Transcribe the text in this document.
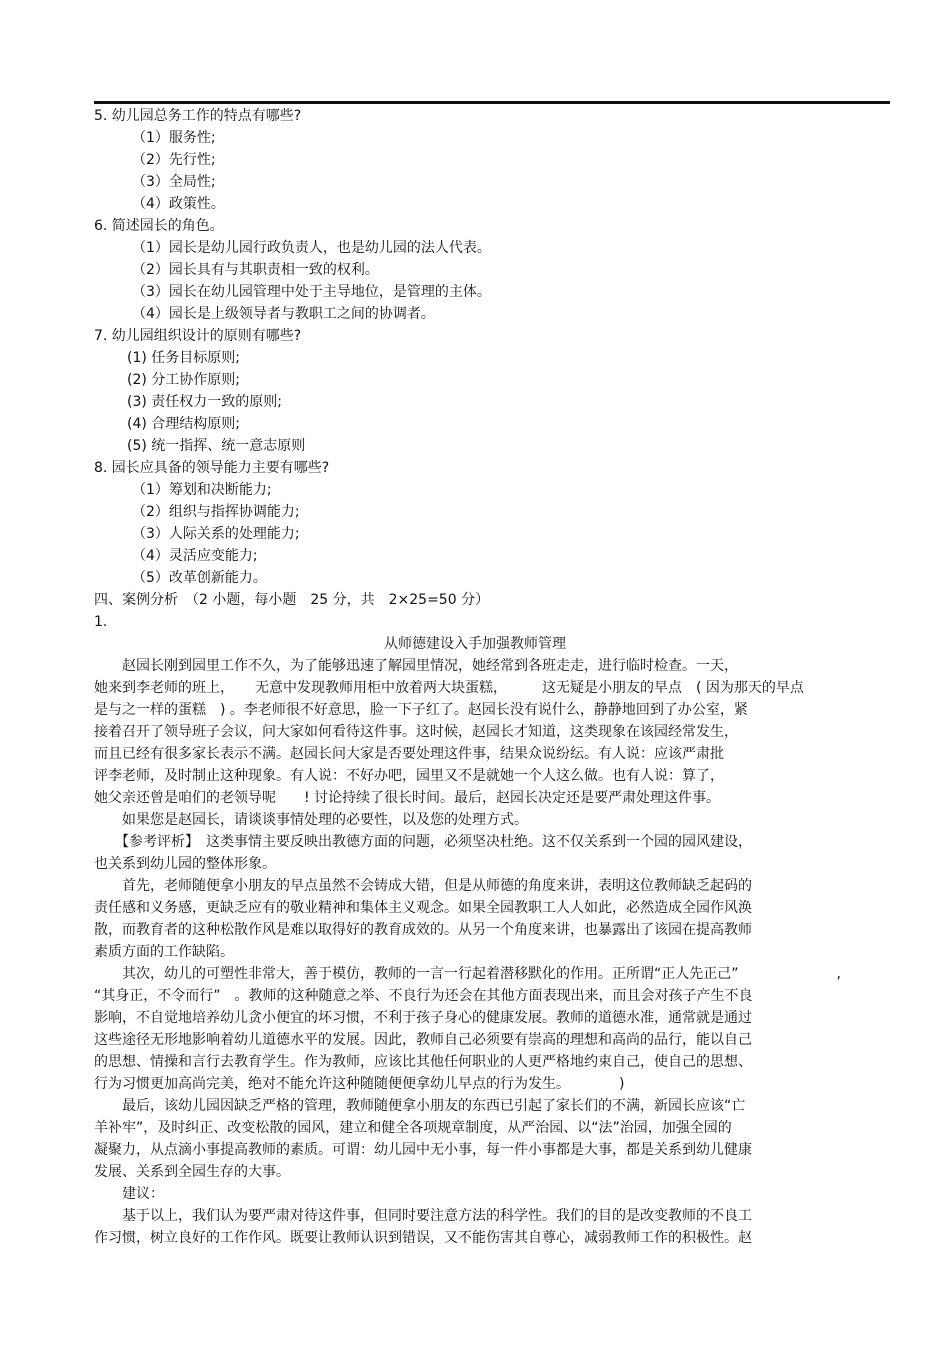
5. 幼儿园总务工作的特点有哪些?
（1）服务性;
（2）先行性;
（3）全局性;
（4）政策性。
6. 简述园长的角色。
（1）园长是幼儿园行政负责人，也是幼儿园的法人代表。
（2）园长具有与其职责相一致的权利。
（3）园长在幼儿园管理中处于主导地位，是管理的主体。
（4）园长是上级领导者与教职工之间的协调者。
7. 幼儿园组织设计的原则有哪些?
(1) 任务目标原则;
(2) 分工协作原则;
(3) 责任权力一致的原则;
(4) 合理结构原则;
(5) 统一指挥、统一意志原则
8. 园长应具备的领导能力主要有哪些?
（1）筹划和决断能力;
（2）组织与指挥协调能力;
（3）人际关系的处理能力;
（4）灵活应变能力;
（5）改革创新能力。
四、案例分析　（2 小题，每小题　25 分，共　2×25=50 分）
1.
从师德建设入手加强教师管理
　　赵园长刚到园里工作不久，为了能够迅速了解园里情况，她经常到各班走走，进行临时检查。一天，
她来到李老师的班上，　　无意中发现教师用柜中放着两大块蛋糕，　　　这无疑是小朋友的早点　( 因为那天的早点
是与之一样的蛋糕　) 。李老师很不好意思，脸一下子红了。赵园长没有说什么，静静地回到了办公室，紧
接着召开了领导班子会议，问大家如何看待这件事。这时候，赵园长才知道，这类现象在该园经常发生，
而且已经有很多家长表示不满。赵园长问大家是否要处理这件事，结果众说纷纭。有人说：应该严肃批
评李老师，及时制止这种现象。有人说：不好办吧，园里又不是就她一个人这么做。也有人说：算了，
她父亲还曾是咱们的老领导呢　　! 讨论持续了很长时间。最后，赵园长决定还是要严肃处理这件事。
　　如果您是赵园长，请谈谈事情处理的必要性，以及您的处理方式。
　　【参考评析】　这类事情主要反映出教德方面的问题，必须坚决杜绝。这不仅关系到一个园的园风建设，
也关系到幼儿园的整体形象。
　　首先，老师随便拿小朋友的早点虽然不会铸成大错，但是从师德的角度来讲，表明这位教师缺乏起码的
责任感和义务感，更缺乏应有的敬业精神和集体主义观念。如果全园教职工人人如此，必然造成全园作风涣
散，而教育者的这种松散作风是难以取得好的教育成效的。从另一个角度来讲，也暴露出了该园在提高教师
素质方面的工作缺陷。
　　其次，幼儿的可塑性非常大，善于模仿，教师的一言一行起着潜移默化的作用。正所谓“正人先正己”　　　　　　　,
“其身正，不令而行”　。教师的这种随意之举、不良行为还会在其他方面表现出来，而且会对孩子产生不良
影响，不自觉地培养幼儿贪小便宜的坏习惯，不利于孩子身心的健康发展。教师的道德水准，通常就是通过
这些途径无形地影响着幼儿道德水平的发展。因此，教师自己必须要有崇高的理想和高尚的品行，能以自己
的思想、情操和言行去教育学生。作为教师，应该比其他任何职业的人更严格地约束自己，使自己的思想、
行为习惯更加高尚完美，绝对不能允许这种随随便便拿幼儿早点的行为发生。　　　　)
　　最后，该幼儿园因缺乏严格的管理，教师随便拿小朋友的东西已引起了家长们的不满，新园长应该“亡
羊补牢”，及时纠正、改变松散的园风，建立和健全各项规章制度，从严治园、以“法”治园，加强全园的
凝聚力，从点滴小事提高教师的素质。可谓：幼儿园中无小事，每一件小事都是大事，都是关系到幼儿健康
发展、关系到全园生存的大事。
　　建议：
　　基于以上，我们认为要严肃对待这件事，但同时要注意方法的科学性。我们的目的是改变教师的不良工
作习惯，树立良好的工作作风。既要让教师认识到错误，又不能伤害其自尊心，减弱教师工作的积极性。赵
